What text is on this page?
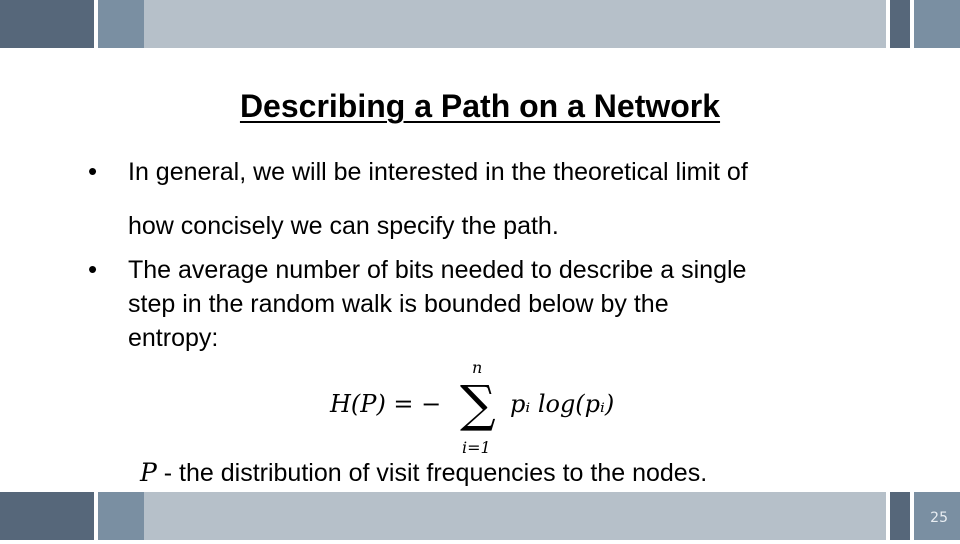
Describing a Path on a Network
• In general, we will be interested in the theoretical limit of
how concisely we can specify the path.
• The average number of bits needed to describe a single
step in the random walk is bounded below by the
entropy:
H(P) = −
n
∑
i=1
pᵢ log(pᵢ)
P - the distribution of visit frequencies to the nodes.
25
